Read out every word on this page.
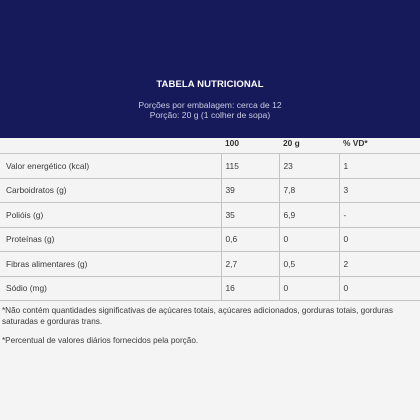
TABELA NUTRICIONAL
Porções por embalagem: cerca de 12
Porção: 20 g (1 colher de sopa)
	100	20 g	% VD*
Valor energético (kcal)	115	23	1
Carboidratos (g)	39	7,8	3
Polióis (g)	35	6,9	-
Proteínas (g)	0,6	0	0
Fibras alimentares (g)	2,7	0,5	2
Sódio (mg)	16	0	0
*Não contém quantidades significativas de açúcares totais, açúcares adicionados, gorduras totais, gorduras saturadas e gorduras trans.
*Percentual de valores diários fornecidos pela porção.
